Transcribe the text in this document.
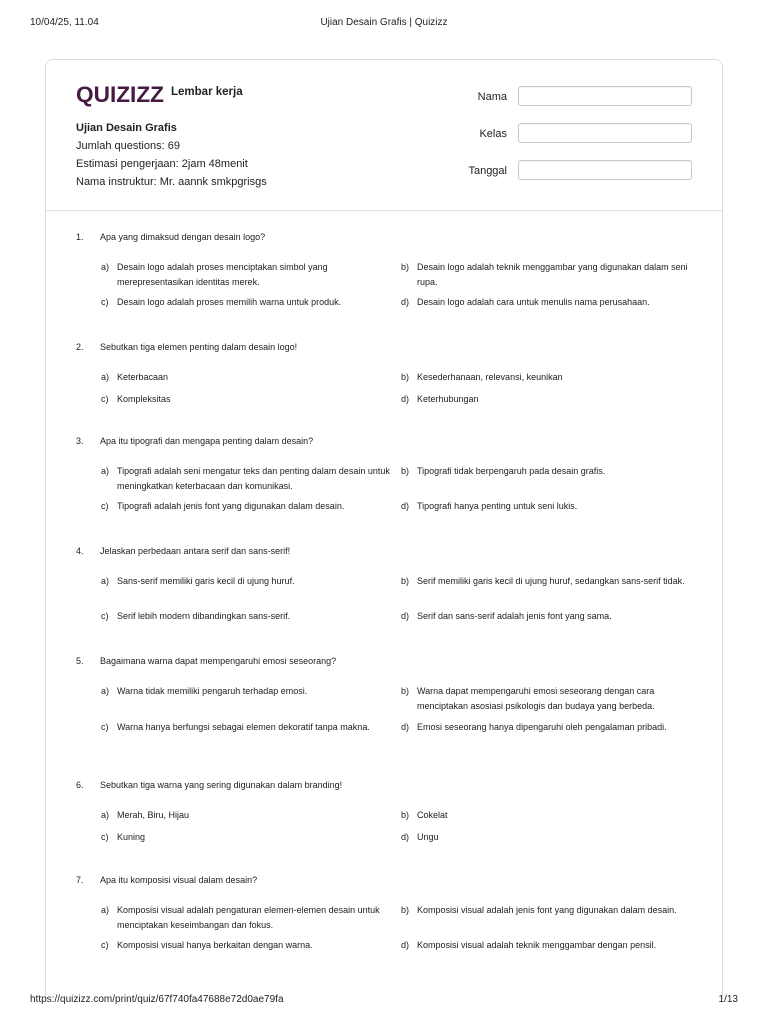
10/04/25, 11.04	Ujian Desain Grafis | Quizizz
QUIZIZZ Lembar kerja
Ujian Desain Grafis
Jumlah questions: 69
Estimasi pengerjaan: 2jam 48menit
Nama instruktur: Mr. aannk smkpgrisgs
Nama
Kelas
Tanggal
1. Apa yang dimaksud dengan desain logo?
a) Desain logo adalah proses menciptakan simbol yang merepresentasikan identitas merek.
b) Desain logo adalah teknik menggambar yang digunakan dalam seni rupa.
c) Desain logo adalah proses memilih warna untuk produk.	d) Desain logo adalah cara untuk menulis nama perusahaan.
2. Sebutkan tiga elemen penting dalam desain logo!
a) Keterbacaan	b) Kesederhanaan, relevansi, keunikan
c) Kompleksitas	d) Keterhubungan
3. Apa itu tipografi dan mengapa penting dalam desain?
a) Tipografi adalah seni mengatur teks dan penting dalam desain untuk meningkatkan keterbacaan dan komunikasi.
b) Tipografi tidak berpengaruh pada desain grafis.
c) Tipografi adalah jenis font yang digunakan dalam desain.	d) Tipografi hanya penting untuk seni lukis.
4. Jelaskan perbedaan antara serif dan sans-serif!
a) Sans-serif memiliki garis kecil di ujung huruf.	b) Serif memiliki garis kecil di ujung huruf, sedangkan sans-serif tidak.
c) Serif lebih modern dibandingkan sans-serif.	d) Serif dan sans-serif adalah jenis font yang sama.
5. Bagaimana warna dapat mempengaruhi emosi seseorang?
a) Warna tidak memiliki pengaruh terhadap emosi.	b) Warna dapat mempengaruhi emosi seseorang dengan cara menciptakan asosiasi psikologis dan budaya yang berbeda.
c) Warna hanya berfungsi sebagai elemen dekoratif tanpa makna.	d) Emosi seseorang hanya dipengaruhi oleh pengalaman pribadi.
6. Sebutkan tiga warna yang sering digunakan dalam branding!
a) Merah, Biru, Hijau	b) Cokelat
c) Kuning	d) Ungu
7. Apa itu komposisi visual dalam desain?
a) Komposisi visual adalah pengaturan elemen-elemen desain untuk menciptakan keseimbangan dan fokus.
b) Komposisi visual adalah jenis font yang digunakan dalam desain.
c) Komposisi visual hanya berkaitan dengan warna.	d) Komposisi visual adalah teknik menggambar dengan pensil.
https://quizizz.com/print/quiz/67f740fa47688e72d0ae79fa	1/13
